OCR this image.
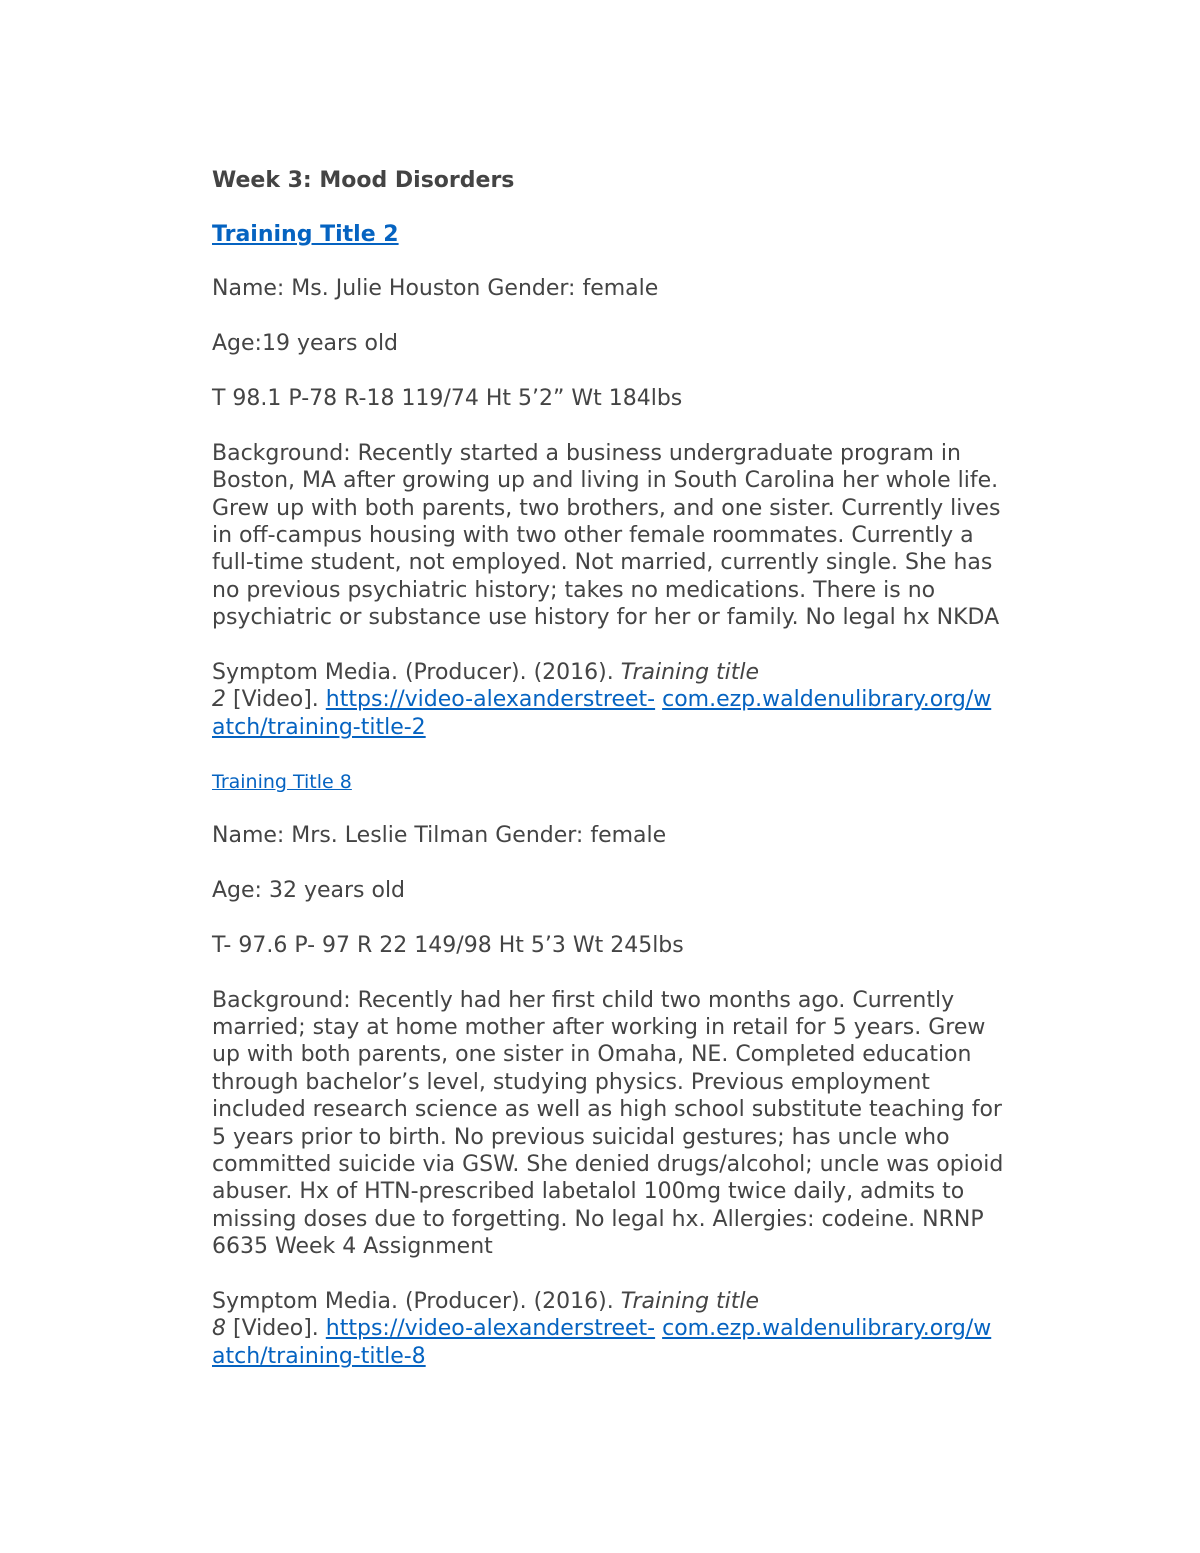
Week 3: Mood Disorders

Training Title 2

Name: Ms. Julie Houston Gender: female

Age:19 years old

T 98.1 P-78 R-18 119/74 Ht 5’2” Wt 184lbs

Background: Recently started a business undergraduate program in

Boston, MA after growing up and living in South Carolina her whole life.

Grew up with both parents, two brothers, and one sister. Currently lives

in off-campus housing with two other female roommates. Currently a

full-time student, not employed. Not married, currently single. She has

no previous psychiatric history; takes no medications. There is no

psychiatric or substance use history for her or family. No legal hx NKDA

Symptom Media. (Producer). (2016). Training title

2 [Video]. https://video-alexanderstreet- com.ezp.waldenulibrary.org/w

atch/training-title-2

Training Title 8

Name: Mrs. Leslie Tilman Gender: female

Age: 32 years old

T- 97.6 P- 97 R 22 149/98 Ht 5’3 Wt 245lbs

Background: Recently had her first child two months ago. Currently

married; stay at home mother after working in retail for 5 years. Grew

up with both parents, one sister in Omaha, NE. Completed education

through bachelor’s level, studying physics. Previous employment

included research science as well as high school substitute teaching for

5 years prior to birth. No previous suicidal gestures; has uncle who

committed suicide via GSW. She denied drugs/alcohol; uncle was opioid

abuser. Hx of HTN-prescribed labetalol 100mg twice daily, admits to

missing doses due to forgetting. No legal hx. Allergies: codeine. NRNP

6635 Week 4 Assignment

Symptom Media. (Producer). (2016). Training title

8 [Video]. https://video-alexanderstreet- com.ezp.waldenulibrary.org/w

atch/training-title-8
